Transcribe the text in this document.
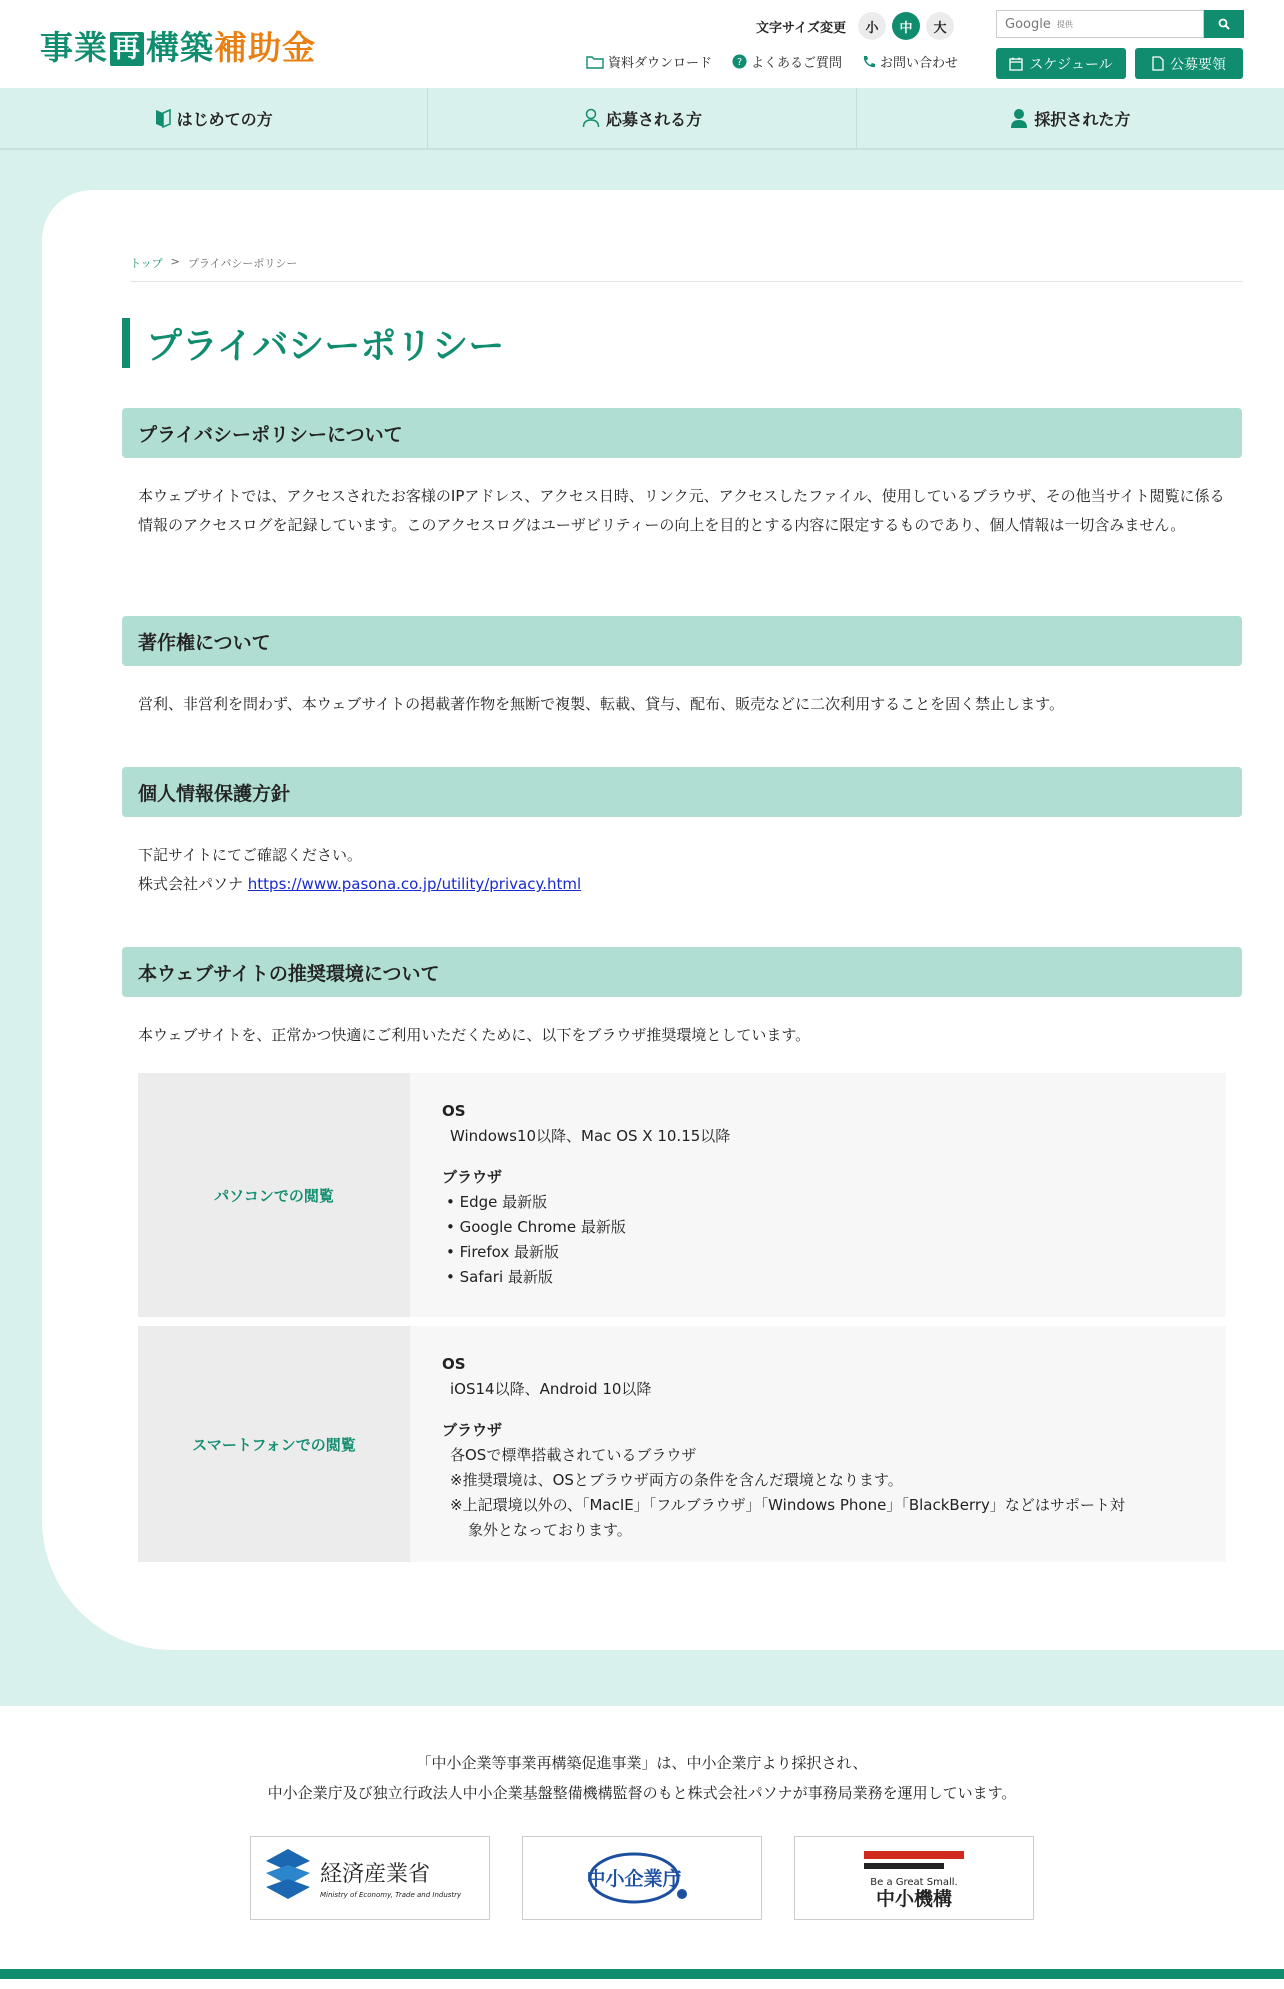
事業 再 構築補助金	文字サイズ変更	小	中	大	Google 提供
資料ダウンロード ? よくあるご質問	お問い合わせ	スケジュール	公募要領
はじめての方	応募される方	採択された方
トップ > プライバシーポリシー
プライバシーポリシー
プライバシーポリシーについて

本ウェブサイトでは、アクセスされたお客様のIPアドレス、アクセス日時、リンク元、アクセスしたファイル、使用しているブラウザ、その他当サイト閲覧に係る情報のアクセスログを記録しています。このアクセスログはユーザビリティーの向上を目的とする内容に限定するものであり、個人情報は一切含みません。

著作権について

営利、非営利を問わず、本ウェブサイトの掲載著作物を無断で複製、転載、貸与、配布、販売などに二次利用することを固く禁止します。

個人情報保護方針
下記サイトにてご確認ください。
株式会社パソナ https://www.pasona.co.jp/utility/privacy.html
本ウェブサイトの推奨環境について

本ウェブサイトを、正常かつ快適にご利用いただくために、以下をブラウザ推奨環境としています。

パソコンでの閲覧
OS
Windows10以降、Mac OS X 10.15以降
ブラウザ
• Edge 最新版
• Google Chrome 最新版
• Firefox 最新版
• Safari 最新版
スマートフォンでの閲覧
OS
iOS14以降、Android 10以降
ブラウザ
各OSで標準搭載されているブラウザ
※推奨環境は、OSとブラウザ両方の条件を含んだ環境となります。
※上記環境以外の、「MacIE」「フルブラウザ」「Windows Phone」「BlackBerry」などはサポート対
象外となっております。
「中小企業等事業再構築促進事業」は、中小企業庁より採択され、
中小企業庁及び独立行政法人中小企業基盤整備機構監督のもと株式会社パソナが事務局業務を運用しています。
経済産業省
Ministry of Economy, Trade and Industry
中小企業庁	Be a Great Small.
中小機構
